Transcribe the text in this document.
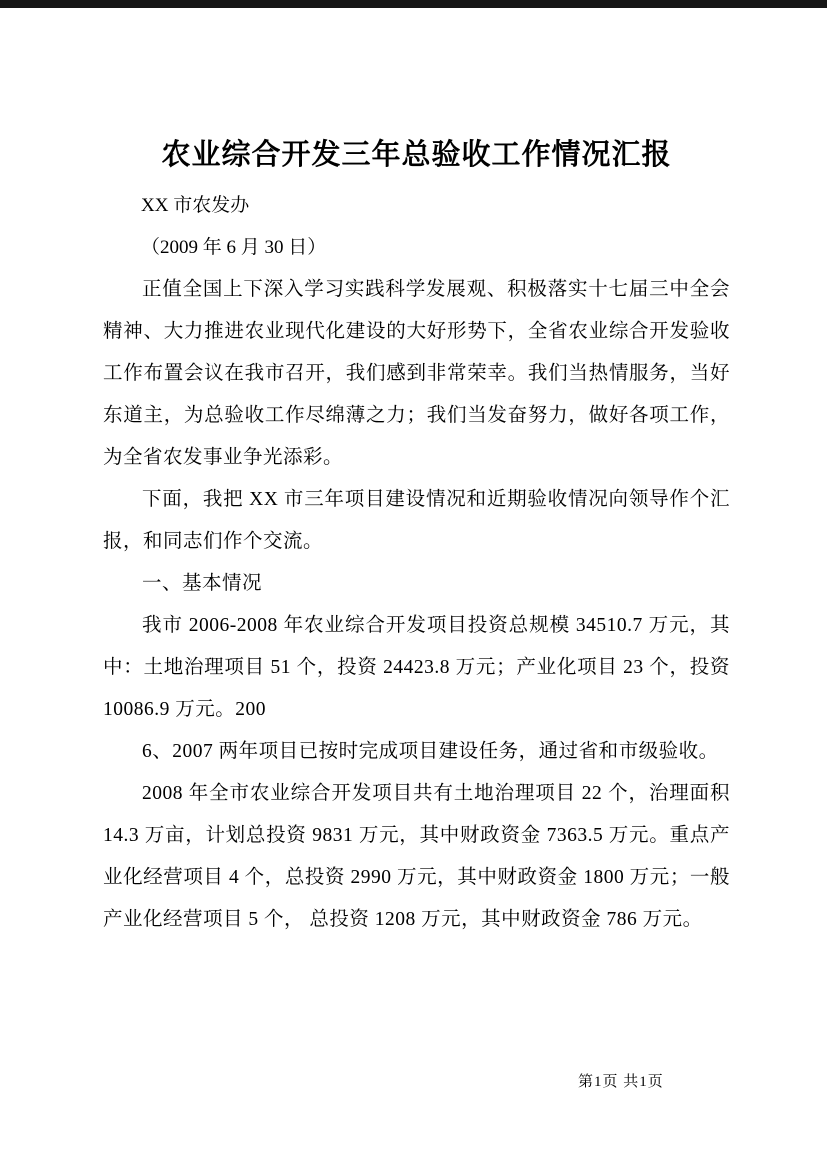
农业综合开发三年总验收工作情况汇报

XX 市农发办

（2009 年 6 月 30 日）

正值全国上下深入学习实践科学发展观、积极落实十七届三中全会精神、大力推进农业现代化建设的大好形势下，全省农业综合开发验收工作布置会议在我市召开，我们感到非常荣幸。我们当热情服务，当好东道主，为总验收工作尽绵薄之力；我们当发奋努力，做好各项工作，为全省农发事业争光添彩。

下面，我把 XX 市三年项目建设情况和近期验收情况向领导作个汇报，和同志们作个交流。

一、基本情况

我市 2006-2008 年农业综合开发项目投资总规模 34510.7 万元，其中：土地治理项目 51 个，投资 24423.8 万元；产业化项目 23 个，投资 10086.9 万元。200

6、2007 两年项目已按时完成项目建设任务，通过省和市级验收。

2008 年全市农业综合开发项目共有土地治理项目 22 个，治理面积 14.3 万亩，计划总投资 9831 万元，其中财政资金 7363.5 万元。重点产业化经营项目 4 个，总投资 2990 万元，其中财政资金 1800 万元；一般产业化经营项目 5 个， 总投资 1208 万元，其中财政资金 786 万元。

第1页 共1页
